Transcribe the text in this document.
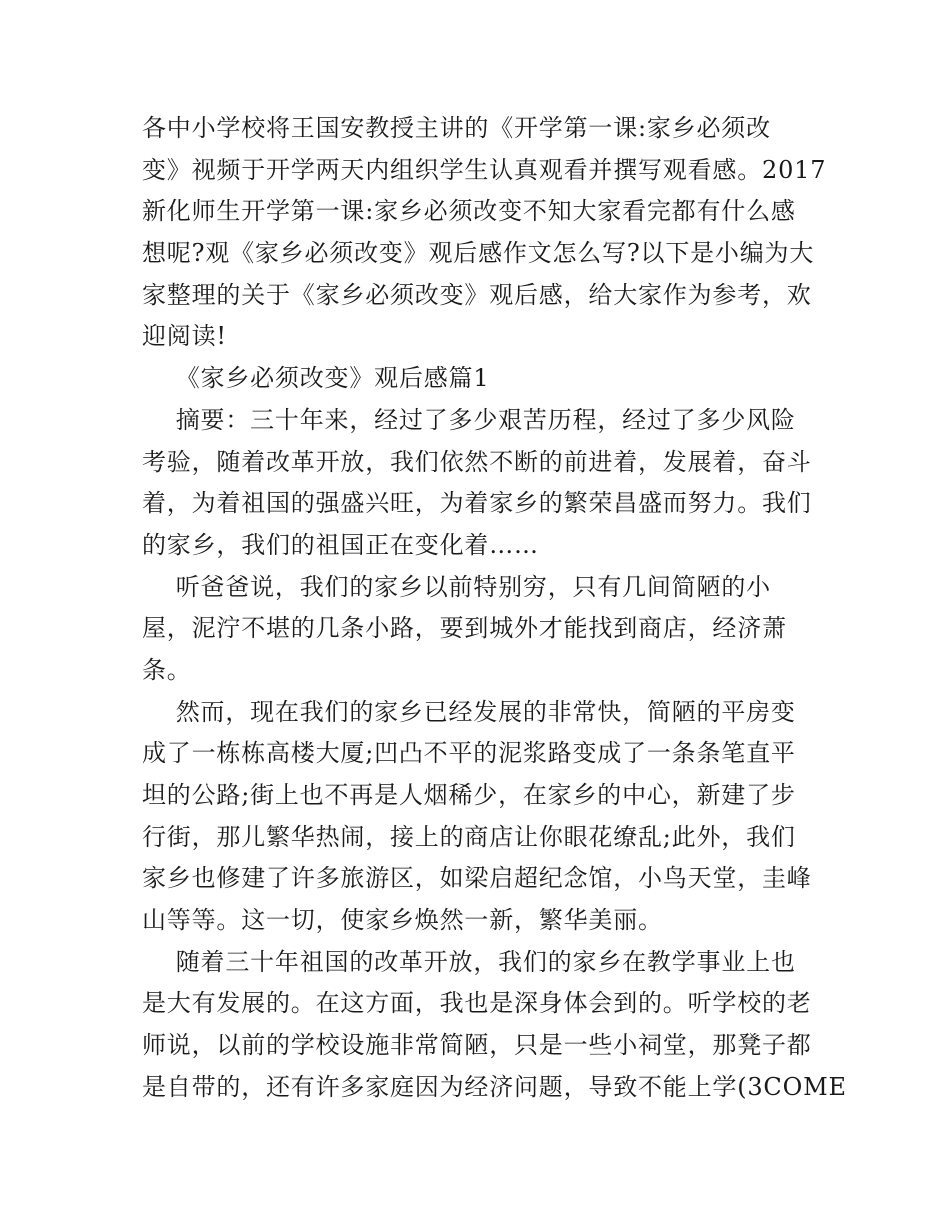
各中小学校将王国安教授主讲的《开学第一课:家乡必须改
变》视频于开学两天内组织学生认真观看并撰写观看感。2017
新化师生开学第一课:家乡必须改变不知大家看完都有什么感
想呢?观《家乡必须改变》观后感作文怎么写?以下是小编为大
家整理的关于《家乡必须改变》观后感，给大家作为参考，欢
迎阅读!
《家乡必须改变》观后感篇1
摘要：三十年来，经过了多少艰苦历程，经过了多少风险
考验，随着改革开放，我们依然不断的前进着，发展着，奋斗
着，为着祖国的强盛兴旺，为着家乡的繁荣昌盛而努力。我们
的家乡，我们的祖国正在变化着……
听爸爸说，我们的家乡以前特别穷，只有几间简陋的小
屋，泥泞不堪的几条小路，要到城外才能找到商店，经济萧
条。
然而，现在我们的家乡已经发展的非常快，简陋的平房变
成了一栋栋高楼大厦;凹凸不平的泥浆路变成了一条条笔直平
坦的公路;街上也不再是人烟稀少，在家乡的中心，新建了步
行街，那儿繁华热闹，接上的商店让你眼花缭乱;此外，我们
家乡也修建了许多旅游区，如梁启超纪念馆，小鸟天堂，圭峰
山等等。这一切，使家乡焕然一新，繁华美丽。
随着三十年祖国的改革开放，我们的家乡在教学事业上也
是大有发展的。在这方面，我也是深身体会到的。听学校的老
师说，以前的学校设施非常简陋，只是一些小祠堂，那凳子都
是自带的，还有许多家庭因为经济问题，导致不能上学(3COME
